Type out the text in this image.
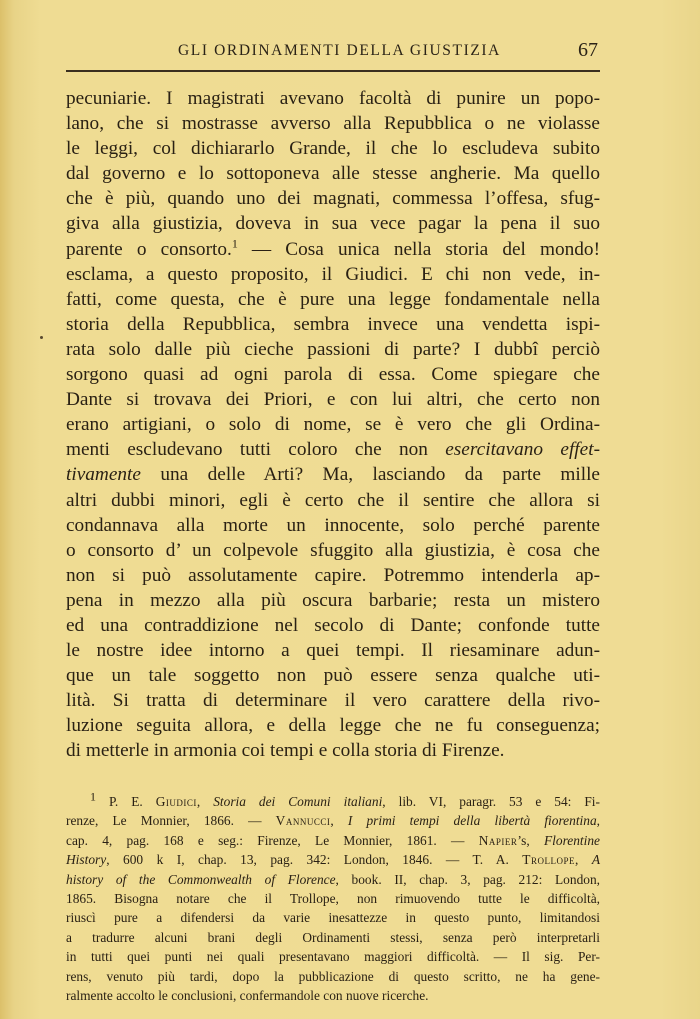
GLI ORDINAMENTI DELLA GIUSTIZIA	67
pecuniarie. I magistrati avevano facoltà di punire un popo-
lano, che si mostrasse avverso alla Repubblica o ne violasse
le leggi, col dichiararlo Grande, il che lo escludeva subito
dal governo e lo sottoponeva alle stesse angherie. Ma quello
che è più, quando uno dei magnati, commessa l’offesa, sfug-
giva alla giustizia, doveva in sua vece pagar la pena il suo
parente o consorto.$^1$ — Cosa unica nella storia del mondo!
esclama, a questo proposito, il Giudici. E chi non vede, in-
fatti, come questa, che è pure una legge fondamentale nella
storia della Repubblica, sembra invece una vendetta ispi-
rata solo dalle più cieche passioni di parte? I dubbî perciò
sorgono quasi ad ogni parola di essa. Come spiegare che
Dante si trovava dei Priori, e con lui altri, che certo non
erano artigiani, o solo di nome, se è vero che gli Ordina-
menti escludevano tutti coloro che non esercitavano effet-
tivamente una delle Arti? Ma, lasciando da parte mille
altri dubbi minori, egli è certo che il sentire che allora si
condannava alla morte un innocente, solo perché parente
o consorto d’ un colpevole sfuggito alla giustizia, è cosa che
non si può assolutamente capire. Potremmo intenderla ap-
pena in mezzo alla più oscura barbarie; resta un mistero
ed una contraddizione nel secolo di Dante; confonde tutte
le nostre idee intorno a quei tempi. Il riesaminare adun-
que un tale soggetto non può essere senza qualche uti-
lità. Si tratta di determinare il vero carattere della rivo-
luzione seguita allora, e della legge che ne fu conseguenza;
di metterle in armonia coi tempi e colla storia di Firenze.
1 P. E. Giudici, Storia dei Comuni italiani, lib. VI, paragr. 53 e 54: Fi-
renze, Le Monnier, 1866. — Vannucci, I primi tempi della libertà fiorentina,
cap. 4, pag. 168 e seg.: Firenze, Le Monnier, 1861. — Napier’s, Florentine
History, 600 k I, chap. 13, pag. 342: London, 1846. — T. A. Trollope, A
history of the Commonwealth of Florence, book. II, chap. 3, pag. 212: London,
1865. Bisogna notare che il Trollope, non rimuovendo tutte le difficoltà,
riuscì pure a difendersi da varie inesattezze in questo punto, limitandosi
a tradurre alcuni brani degli Ordinamenti stessi, senza però interpretarli
in tutti quei punti nei quali presentavano maggiori difficoltà. — Il sig. Per-
rens, venuto più tardi, dopo la pubblicazione di questo scritto, ne ha gene-
ralmente accolto le conclusioni, confermandole con nuove ricerche.
